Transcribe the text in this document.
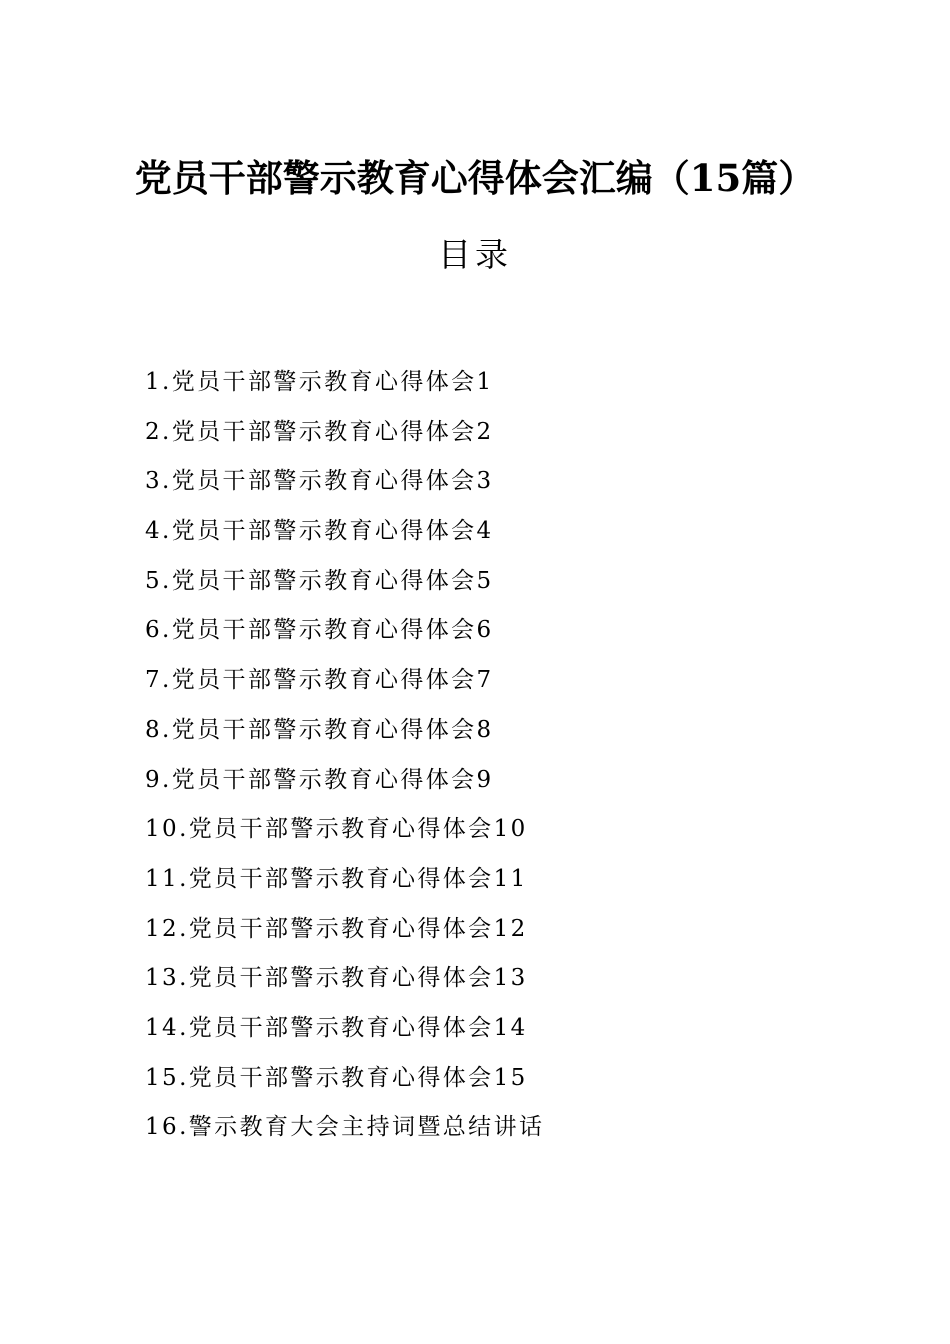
党员干部警示教育心得体会汇编（15篇）
目录
1.党员干部警示教育心得体会1
2.党员干部警示教育心得体会2
3.党员干部警示教育心得体会3
4.党员干部警示教育心得体会4
5.党员干部警示教育心得体会5
6.党员干部警示教育心得体会6
7.党员干部警示教育心得体会7
8.党员干部警示教育心得体会8
9.党员干部警示教育心得体会9
10.党员干部警示教育心得体会10
11.党员干部警示教育心得体会11
12.党员干部警示教育心得体会12
13.党员干部警示教育心得体会13
14.党员干部警示教育心得体会14
15.党员干部警示教育心得体会15
16.警示教育大会主持词暨总结讲话
